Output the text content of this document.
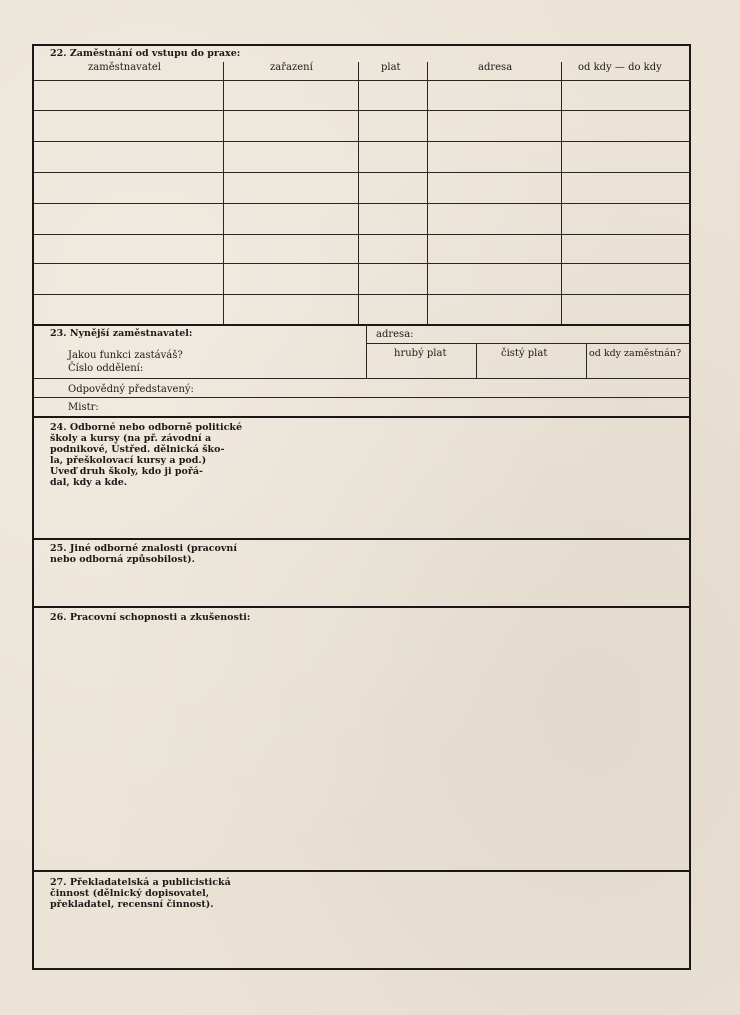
22. Zaměstnání od vstupu do praxe:
zaměstnavatel	zařazení	plat	adresa	od kdy — do kdy
23. Nynější zaměstnavatel:	adresa:
Jakou funkci zastáváš?
Číslo oddělení:
hrubý plat	čistý plat	od kdy zaměstnán?
Odpovědný představený:
Mistr:
24. Odborné nebo odborně politické
školy a kursy (na př. závodní a
podnikové, Ústřed. dělnická ško-
la, přeškolovací kursy a pod.)
Uveď druh školy, kdo ji pořá-
dal, kdy a kde.
25. Jiné odborné znalosti (pracovní
nebo odborná způsobilost).
26. Pracovní schopnosti a zkušenosti:
27. Překladatelská a publicistická
činnost (dělnický dopisovatel,
překladatel, recensní činnost).
